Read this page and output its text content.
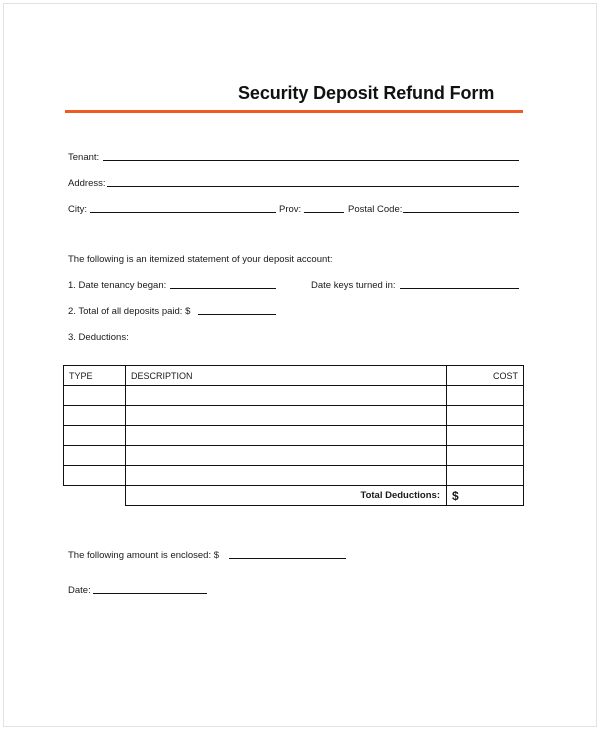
Security Deposit Refund Form
Tenant:
Address:
City:	Prov:	Postal Code:
The following is an itemized statement of your deposit account:
1. Date tenancy began:	Date keys turned in:
2. Total of all deposits paid: $
3. Deductions:
TYPE	DESCRIPTION	COST

	Total Deductions:	$
The following amount is enclosed: $
Date:
